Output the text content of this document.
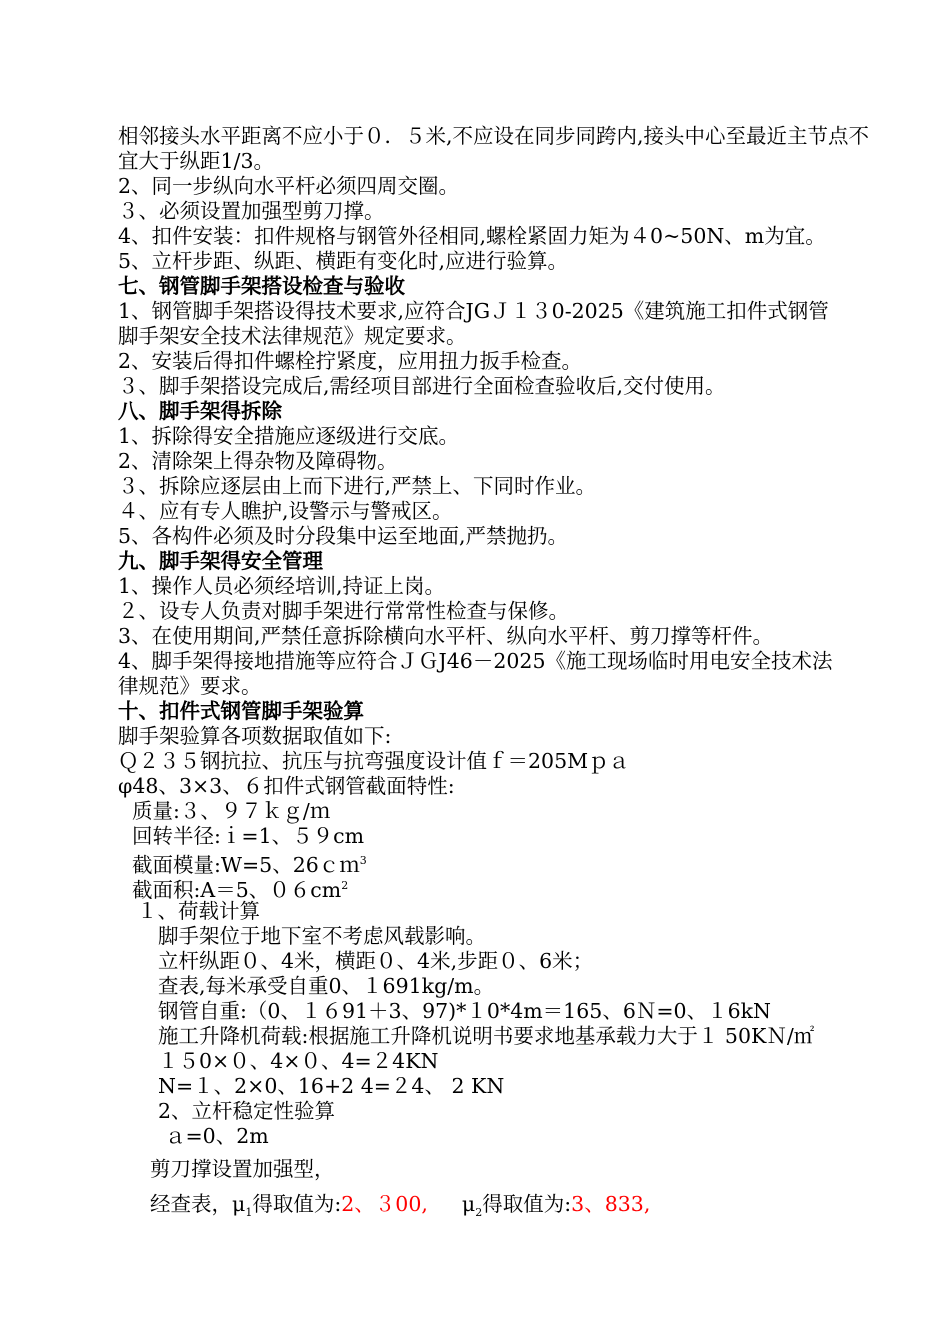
相邻接头水平距离不应小于０．５米,不应设在同步同跨内,接头中心至最近主节点不
宜大于纵距1/3。
2、同一步纵向水平杆必须四周交圈。
３、必须设置加强型剪刀撑。
4、扣件安装：扣件规格与钢管外径相同,螺栓紧固力矩为４0~50N、m为宜。
5、立杆步距、纵距、横距有变化时,应进行验算。
七、钢管脚手架搭设检查与验收
1、钢管脚手架搭设得技术要求,应符合JGＪ１３0-2025《建筑施工扣件式钢管
脚手架安全技术法律规范》规定要求。
2、安装后得扣件螺栓拧紧度，应用扭力扳手检查。
３、脚手架搭设完成后,需经项目部进行全面检查验收后,交付使用。
八、脚手架得拆除
1、拆除得安全措施应逐级进行交底。
2、清除架上得杂物及障碍物。
３、拆除应逐层由上而下进行,严禁上、下同时作业。
４、应有专人瞧护,设警示与警戒区。
5、各构件必须及时分段集中运至地面,严禁抛扔。
九、脚手架得安全管理
1、操作人员必须经培训,持证上岗。
２、设专人负责对脚手架进行常常性检查与保修。
3、在使用期间,严禁任意拆除横向水平杆、纵向水平杆、剪刀撑等杆件。
4、脚手架得接地措施等应符合ＪＧJ46－2025《施工现场临时用电安全技术法
律规范》要求。
十、扣件式钢管脚手架验算
脚手架验算各项数据取值如下:
Ｑ２３５钢抗拉、抗压与抗弯强度设计值ｆ＝205Mｐａ
φ48、3×3、６扣件式钢管截面特性:
质量:３、９７ｋｇ/ｍ
回转半径:ｉ=1、５９cm
截面模量:W=5、26ｃｍ$^3$
截面积:A＝5、$06cm^2$
１、荷载计算
脚手架位于地下室不考虑风载影响。
立杆纵距０、4米，横距０、4米,步距０、6米；
查表,每米承受自重0、１691kg/m。
钢管自重:（0、１６91＋3、97)*１0*4m＝165、6Ｎ=0、１6kN
施工升降机荷载:根据施工升降机说明书要求地基承载力大于１ 50KＮ/㎡
１５0×０、4×０、4=２4KN
N=１、2×0、16+2 4=２4、 2 KN
2、立杆稳定性验算
ａ=0、2m
剪刀撑设置加强型，
经查表，$\mu_1$得取值为:2、３00, $\mu_2$得取值为:3、833,
